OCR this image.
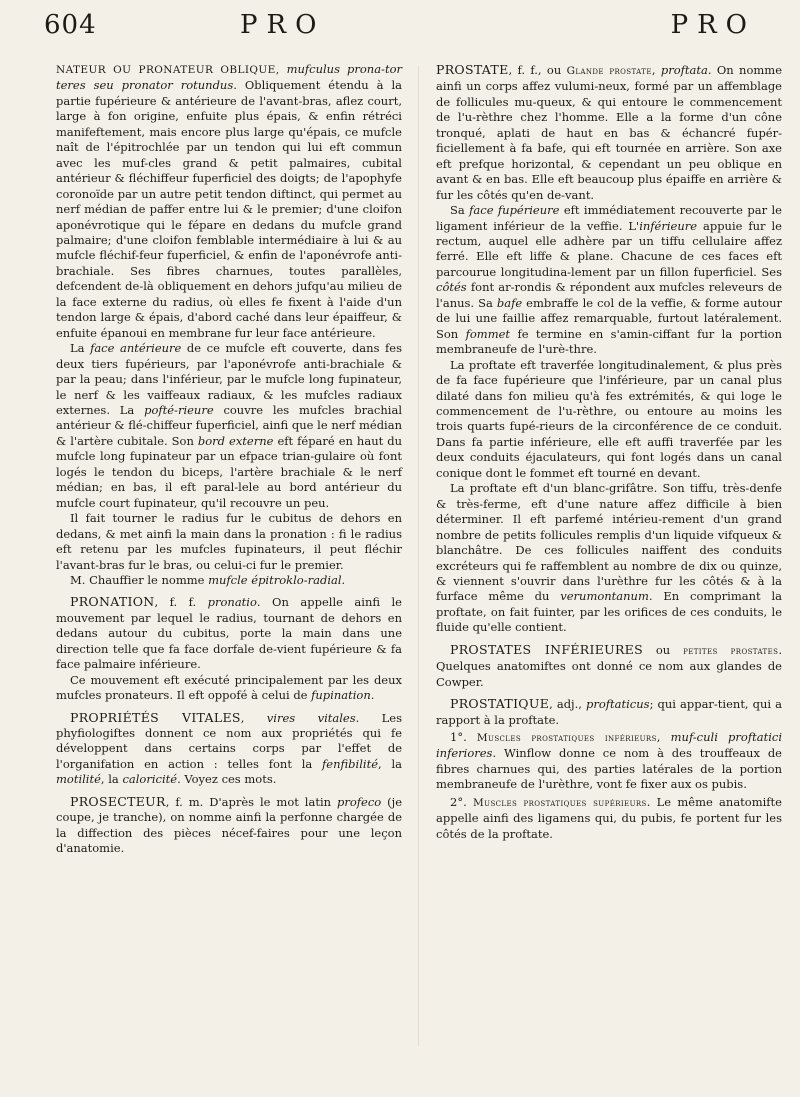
604	PRO	PRO

NATEUR OU PRONATEUR OBLIQUE, mufculus prona-tor teres seu pronator rotundus. Obliquement étendu à la partie fupérieure & antérieure de l'avant-bras, aflez court, large à fon origine, enfuite plus épais, & enfin rétréci manifeftement, mais encore plus large qu'épais, ce mufcle naît de l'épitrochlée par un tendon qui lui eft commun avec les muf-cles grand & petit palmaires, cubital antérieur & fléchiffeur fuperficiel des doigts; de l'apophyfe coronoïde par un autre petit tendon diftinct, qui permet au nerf médian de paffer entre lui & le premier; d'une cloifon aponévrotique qui le fépare en dedans du mufcle grand palmaire; d'une cloifon femblable intermédiaire à lui & au mufcle fléchif-feur fuperficiel, & enfin de l'aponévrofe anti-brachiale. Ses fibres charnues, toutes parallèles, defcendent de-là obliquement en dehors jufqu'au milieu de la face externe du radius, où elles fe fixent à l'aide d'un tendon large & épais, d'abord caché dans leur épaiffeur, & enfuite épanoui en membrane fur leur face antérieure.

La face antérieure de ce mufcle eft couverte, dans fes deux tiers fupérieurs, par l'aponévrofe anti-brachiale & par la peau; dans l'inférieur, par le mufcle long fupinateur, le nerf & les vaiffeaux radiaux, & les mufcles radiaux externes. La pofté-rieure couvre les mufcles brachial antérieur & flé-chiffeur fuperficiel, ainfi que le nerf médian & l'artère cubitale. Son bord externe eft féparé en haut du mufcle long fupinateur par un efpace trian-gulaire où font logés le tendon du biceps, l'artère brachiale & le nerf médian; en bas, il eft paral-lele au bord antérieur du mufcle court fupinateur, qu'il recouvre un peu.

Il fait tourner le radius fur le cubitus de dehors en dedans, & met ainfi la main dans la pronation : fi le radius eft retenu par les mufcles fupinateurs, il peut fléchir l'avant-bras fur le bras, ou celui-ci fur le premier.

M. Chauffier le nomme mufcle épitroklo-radial.

PRONATION, f. f. pronatio. On appelle ainfi le mouvement par lequel le radius, tournant de dehors en dedans autour du cubitus, porte la main dans une direction telle que fa face dorfale de-vient fupérieure & fa face palmaire inférieure.

Ce mouvement eft exécuté principalement par les deux mufcles pronateurs. Il eft oppofé à celui de fupination.

PROPRIÉTÉS VITALES, vires vitales. Les phyfiologiftes donnent ce nom aux propriétés qui fe développent dans certains corps par l'effet de l'organifation en action : telles font la fenfibilité, la motilité, la caloricité. Voyez ces mots.

PROSECTEUR, f. m. D'après le mot latin profeco (je coupe, je tranche), on nomme ainfi la perfonne chargée de la diffection des pièces nécef-faires pour une leçon d'anatomie.

PROSTATE, f. f., ou Glande prostate, proftata. On nomme ainfi un corps affez vulumi-neux, formé par un affemblage de follicules mu-queux, & qui entoure le commencement de l'u-rèthre chez l'homme. Elle a la forme d'un cône tronqué, aplati de haut en bas & échancré fupér-ficiellement à fa bafe, qui eft tournée en arrière. Son axe eft prefque horizontal, & cependant un peu oblique en avant & en bas. Elle eft beaucoup plus épaiffe en arrière & fur les côtés qu'en de-vant.

Sa face fupérieure eft immédiatement recouverte par le ligament inférieur de la veffie. L'inférieure appuie fur le rectum, auquel elle adhère par un tiffu cellulaire affez ferré. Elle eft liffe & plane. Chacune de ces faces eft parcourue longitudina-lement par un fillon fuperficiel. Ses côtés font ar-rondis & répondent aux mufcles releveurs de l'anus. Sa bafe embraffe le col de la veffie, & forme autour de lui une faillie affez remarquable, furtout latéralement. Son fommet fe termine en s'amin-ciffant fur la portion membraneufe de l'urè-thre.

La proftate eft traverfée longitudinalement, & plus près de fa face fupérieure que l'inférieure, par un canal plus dilaté dans fon milieu qu'à fes extrémités, & qui loge le commencement de l'u-rèthre, ou entoure au moins les trois quarts fupé-rieurs de la circonférence de ce conduit. Dans fa partie inférieure, elle eft auffi traverfée par les deux conduits éjaculateurs, qui font logés dans un canal conique dont le fommet eft tourné en devant.

La proftate eft d'un blanc-grifâtre. Son tiffu, très-denfe & très-ferme, eft d'une nature affez difficile à bien déterminer. Il eft parfemé intérieu-rement d'un grand nombre de petits follicules remplis d'un liquide vifqueux & blanchâtre. De ces follicules naiffent des conduits excréteurs qui fe raffemblent au nombre de dix ou quinze, & viennent s'ouvrir dans l'urèthre fur les côtés & à la furface même du verumontanum. En comprimant la proftate, on fait fuinter, par les orifices de ces conduits, le fluide qu'elle contient.

PROSTATES INFÉRIEURES ou petites prostates. Quelques anatomiftes ont donné ce nom aux glandes de Cowper.

PROSTATIQUE, adj., proftaticus; qui appar-tient, qui a rapport à la proftate.

1°. Muscles prostatiques inférieurs, muf-culi proftatici inferiores. Winflow donne ce nom à des trouffeaux de fibres charnues qui, des parties latérales de la portion membraneufe de l'urèthre, vont fe fixer aux os pubis.

2°. Muscles prostatiques supérieurs. Le même anatomifte appelle ainfi des ligamens qui, du pubis, fe portent fur les côtés de la proftate.
